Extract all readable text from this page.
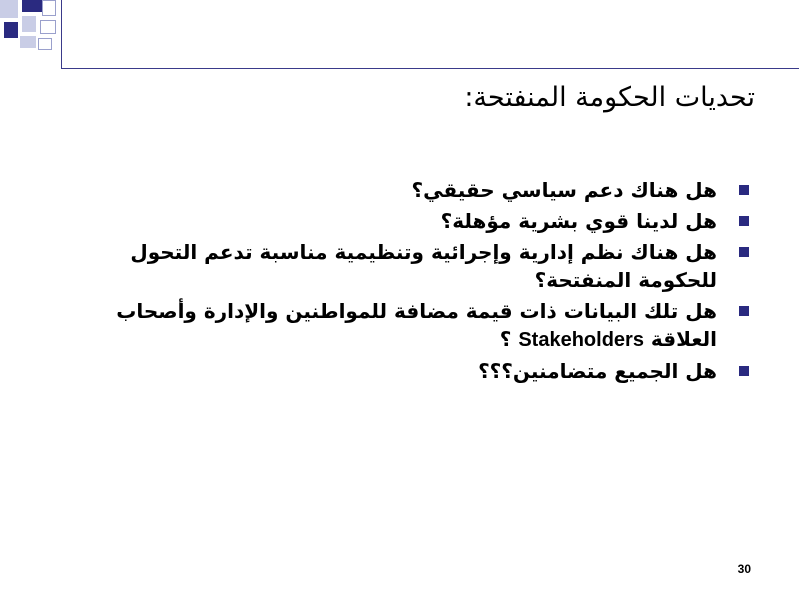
تحديات الحكومة المنفتحة:
هل هناك دعم سياسي حقيقي؟
هل لدينا قوي بشرية مؤهلة؟
هل هناك نظم إدارية وإجرائية وتنظيمية مناسبة تدعم التحول للحكومة المنفتحة؟
هل تلك البيانات ذات قيمة مضافة للمواطنين والإدارة وأصحاب العلاقة Stakeholders ؟
هل الجميع متضامنين؟؟؟
30
